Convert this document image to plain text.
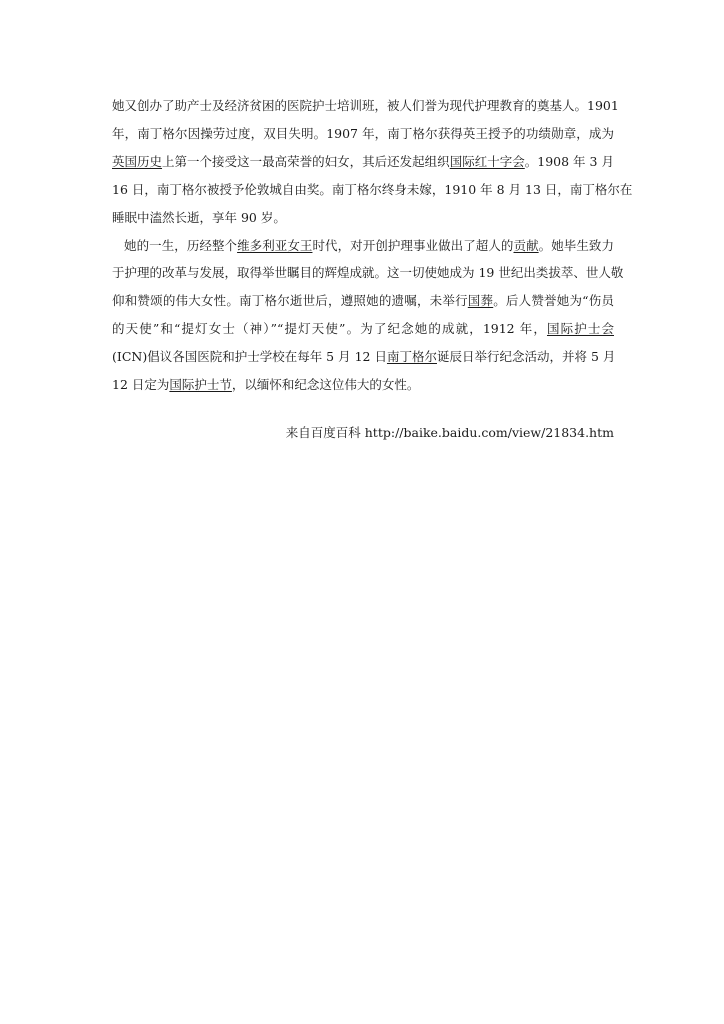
她又创办了助产士及经济贫困的医院护士培训班，被人们誉为现代护理教育的奠基人。1901
年，南丁格尔因操劳过度，双目失明。1907 年，南丁格尔获得英王授予的功绩勋章，成为
英国历史上第一个接受这一最高荣誉的妇女，其后还发起组织国际红十字会。1908 年 3 月
16 日，南丁格尔被授予伦敦城自由奖。南丁格尔终身未嫁，1910 年 8 月 13 日，南丁格尔在
睡眠中溘然长逝，享年 90 岁。
她的一生，历经整个维多利亚女王时代，对开创护理事业做出了超人的贡献。她毕生致力
于护理的改革与发展，取得举世瞩目的辉煌成就。这一切使她成为 19 世纪出类拔萃、世人敬
仰和赞颂的伟大女性。南丁格尔逝世后，遵照她的遗嘱，未举行国葬。后人赞誉她为“伤员
的天使”和“提灯女士（神）”“提灯天使”。为了纪念她的成就，1912 年，国际护士会
(ICN)倡议各国医院和护士学校在每年 5 月 12 日南丁格尔诞辰日举行纪念活动，并将 5 月
12 日定为国际护士节，以缅怀和纪念这位伟大的女性。
来自百度百科 http://baike.baidu.com/view/21834.htm
